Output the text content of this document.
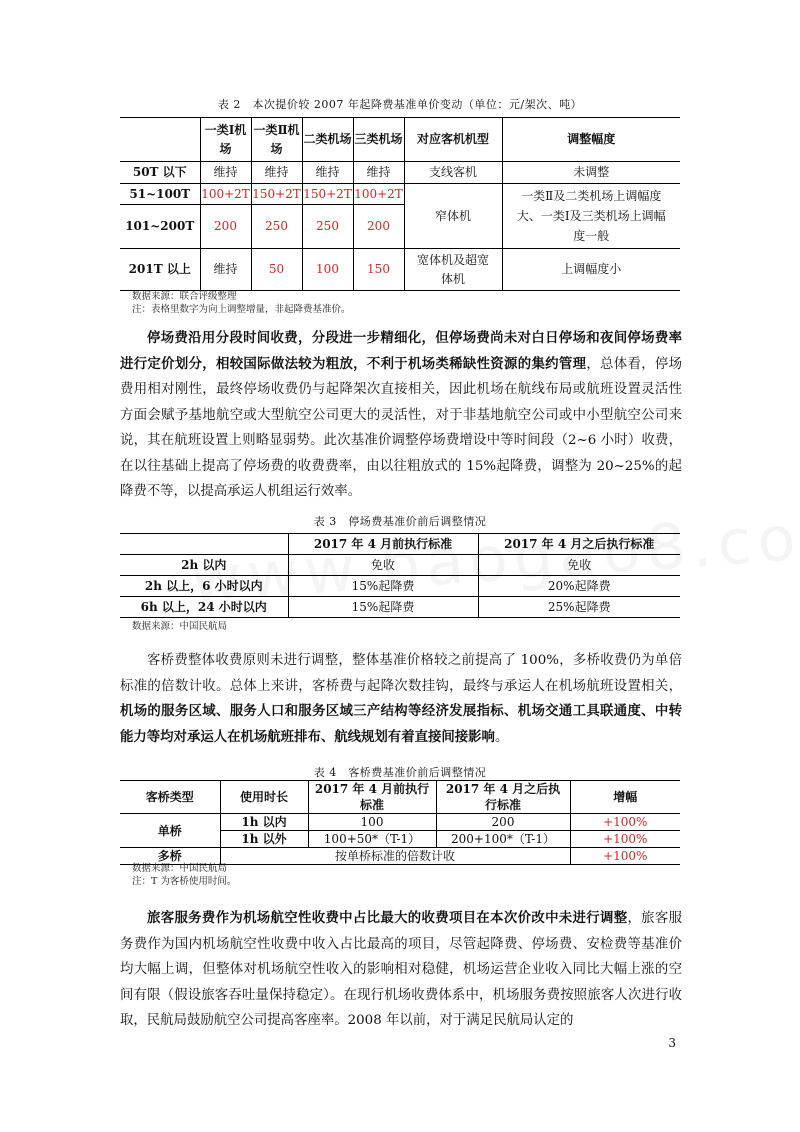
表 2　本次提价较 2007 年起降费基准单价变动（单位：元/架次、吨）
	一类Ⅰ机场	一类Ⅱ机场	二类机场	三类机场	对应客机机型	调整幅度
50T 以下	维持	维持	维持	维持	支线客机	未调整
51~100T	100+2T	150+2T	150+2T	100+2T	窄体机	一类Ⅱ及二类机场上调幅度大、一类Ⅰ及三类机场上调幅度一般
101~200T	200	250	250	200		
201T 以上	维持	50	100	150	宽体机及超宽体机	上调幅度小
数据来源：联合评级整理
注：表格里数字为向上调整增量，非起降费基准价。
停场费沿用分段时间收费，分段进一步精细化，但停场费尚未对白日停场和夜间停场费率进行定价划分，相较国际做法较为粗放，不利于机场类稀缺性资源的集约管理，总体看，停场费用相对刚性，最终停场收费仍与起降架次直接相关，因此机场在航线布局或航班设置灵活性方面会赋予基地航空或大型航空公司更大的灵活性，对于非基地航空公司或中小型航空公司来说，其在航班设置上则略显弱势。此次基准价调整停场费增设中等时间段（2~6 小时）收费，在以往基础上提高了停场费的收费费率，由以往粗放式的 15%起降费，调整为 20~25%的起降费不等，以提高承运人机组运行效率。
表 3　停场费基准价前后调整情况
	2017 年 4 月前执行标准	2017 年 4 月之后执行标准
2h 以内	免收	免收
2h 以上，6 小时以内	15%起降费	20%起降费
6h 以上，24 小时以内	15%起降费	25%起降费
数据来源：中国民航局
客桥费整体收费原则未进行调整，整体基准价格较之前提高了 100%，多桥收费仍为单倍标准的倍数计收。总体上来讲，客桥费与起降次数挂钩，最终与承运人在机场航班设置相关，机场的服务区域、服务人口和服务区域三产结构等经济发展指标、机场交通工具联通度、中转能力等均对承运人在机场航班排布、航线规划有着直接间接影响。
表 4　客桥费基准价前后调整情况
客桥类型	使用时长	2017 年 4 月前执行标准	2017 年 4 月之后执行标准	增幅
单桥	1h 以内	100	200	+100%
	1h 以外	100+50*（T-1）	200+100*（T-1）	+100%
多桥	按单桥标准的倍数计收			+100%
数据来源：中国民航局
注：T 为客桥使用时间。
旅客服务费作为机场航空性收费中占比最大的收费项目在本次价改中未进行调整，旅客服务费作为国内机场航空性收费中收入占比最高的项目，尽管起降费、停场费、安检费等基准价均大幅上调，但整体对机场航空性收入的影响相对稳健，机场运营企业收入同比大幅上涨的空间有限（假设旅客吞吐量保持稳定）。在现行机场收费体系中，机场服务费按照旅客人次进行收取，民航局鼓励航空公司提高客座率。2008 年以前，对于满足民航局认定的
3
